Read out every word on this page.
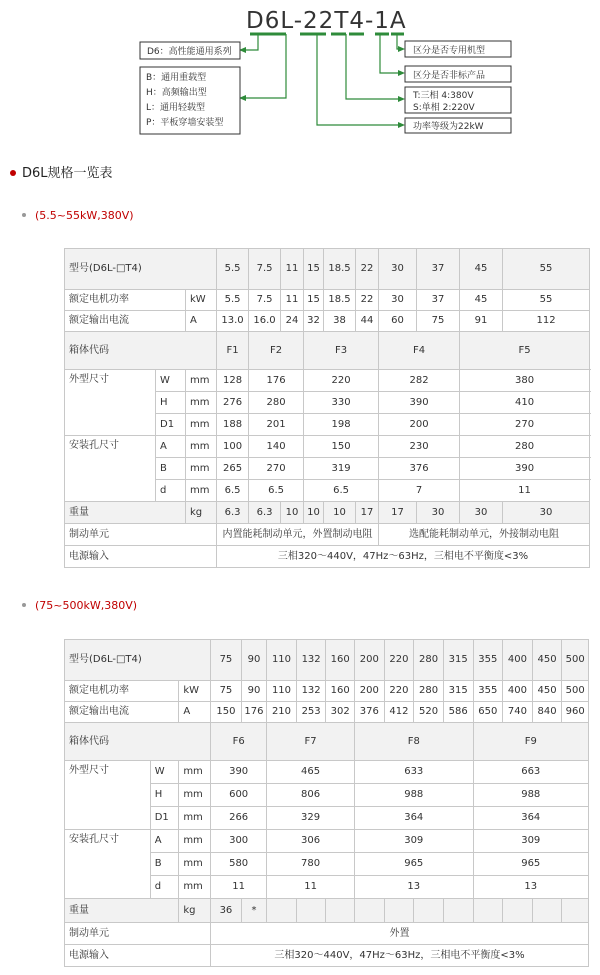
D6L-22T4-1A
D6：高性能通用系列
B：通用重载型
H：高频输出型
L：通用轻载型
P：平板穿墙安装型
区分是否专用机型
区分是否非标产品
T:三相 4:380V
S:单相 2:220V
功率等级为22kW
D6L规格一览表
(5.5~55kW,380V)
型号(D6L-□T4)			5.5	7.5	11	15	18.5	22	30	37	45	55
额定电机功率		kW	5.5	7.5	11	15	18.5	22	30	37	45	55
额定输出电流		A	13.0	16.0	24	32	38	44	60	75	91	112
箱体代码			F1	F2		F3			F4		F5	
外型尺寸	W	mm	128	176		220			282		380	
	H	mm	276	280		330			390		410	
	D1	mm	188	201		198			200		270	
安装孔尺寸	A	mm	100	140		150			230		280	
	B	mm	265	270		319			376		390	
	d	mm	6.5	6.5		6.5			7		11	
重量		kg	6.3	6.3	10	10	10	17	17	30	30	30
制动单元			内置能耗制动单元，外置制动电阻						选配能耗制动单元，外接制动电阻			
电源输入			三相320～440V，47Hz～63Hz，三相电不平衡度<3%									
(75~500kW,380V)
型号(D6L-□T4)			75	90	110	132	160	200	220	280	315	355	400	450	500
额定电机功率		kW	75	90	110	132	160	200	220	280	315	355	400	450	500
额定输出电流		A	150	176	210	253	302	376	412	520	586	650	740	840	960
箱体代码			F6		F7			F8				F9			
外型尺寸	W	mm	390		465			633				663			
	H	mm	600		806			988				988			
	D1	mm	266		329			364				364			
安装孔尺寸	A	mm	300		306			309				309			
	B	mm	580		780			965				965			
	d	mm	11		11			13				13			
重量		kg	36	*											
制动单元			外置												
电源输入			三相320～440V，47Hz～63Hz，三相电不平衡度<3%												
